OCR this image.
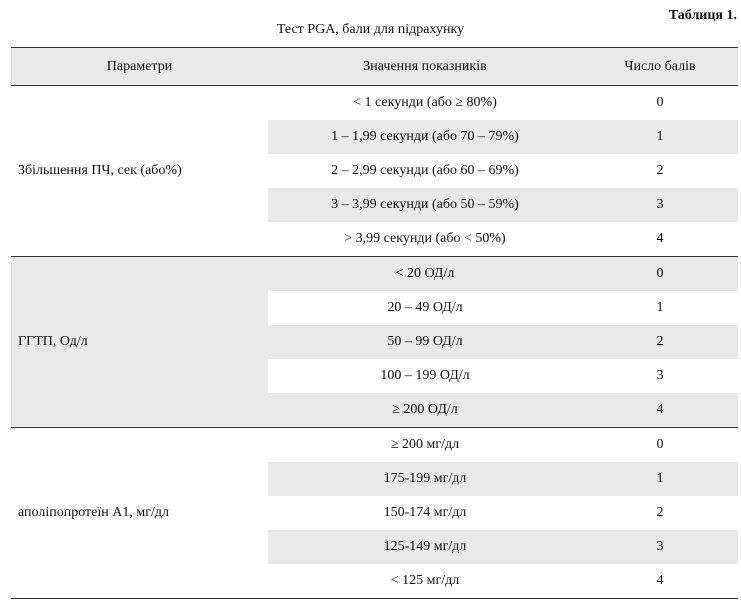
Таблиця 1.
Тест PGA, бали для підрахунку
Параметри	Значення показників	Число балів
Збільшення ПЧ, сек (або%)	< 1 секунди (або ≥ 80%)	0
	1 – 1,99 секунди (або 70 – 79%)	1
	2 – 2,99 секунди (або 60 – 69%)	2
	3 – 3,99 секунди (або 50 – 59%)	3
	> 3,99 секунди (або < 50%)	4
ГГТП, Од/л	< 20 ОД/л	0
	20 – 49 ОД/л	1
	50 – 99 ОД/л	2
	100 – 199 ОД/л	3
	≥ 200 ОД/л	4
аполіпопротеїн А1, мг/дл	≥ 200 мг/дл	0
	175-199 мг/дл	1
	150-174 мг/дл	2
	125-149 мг/дл	3
	< 125 мг/дл	4
